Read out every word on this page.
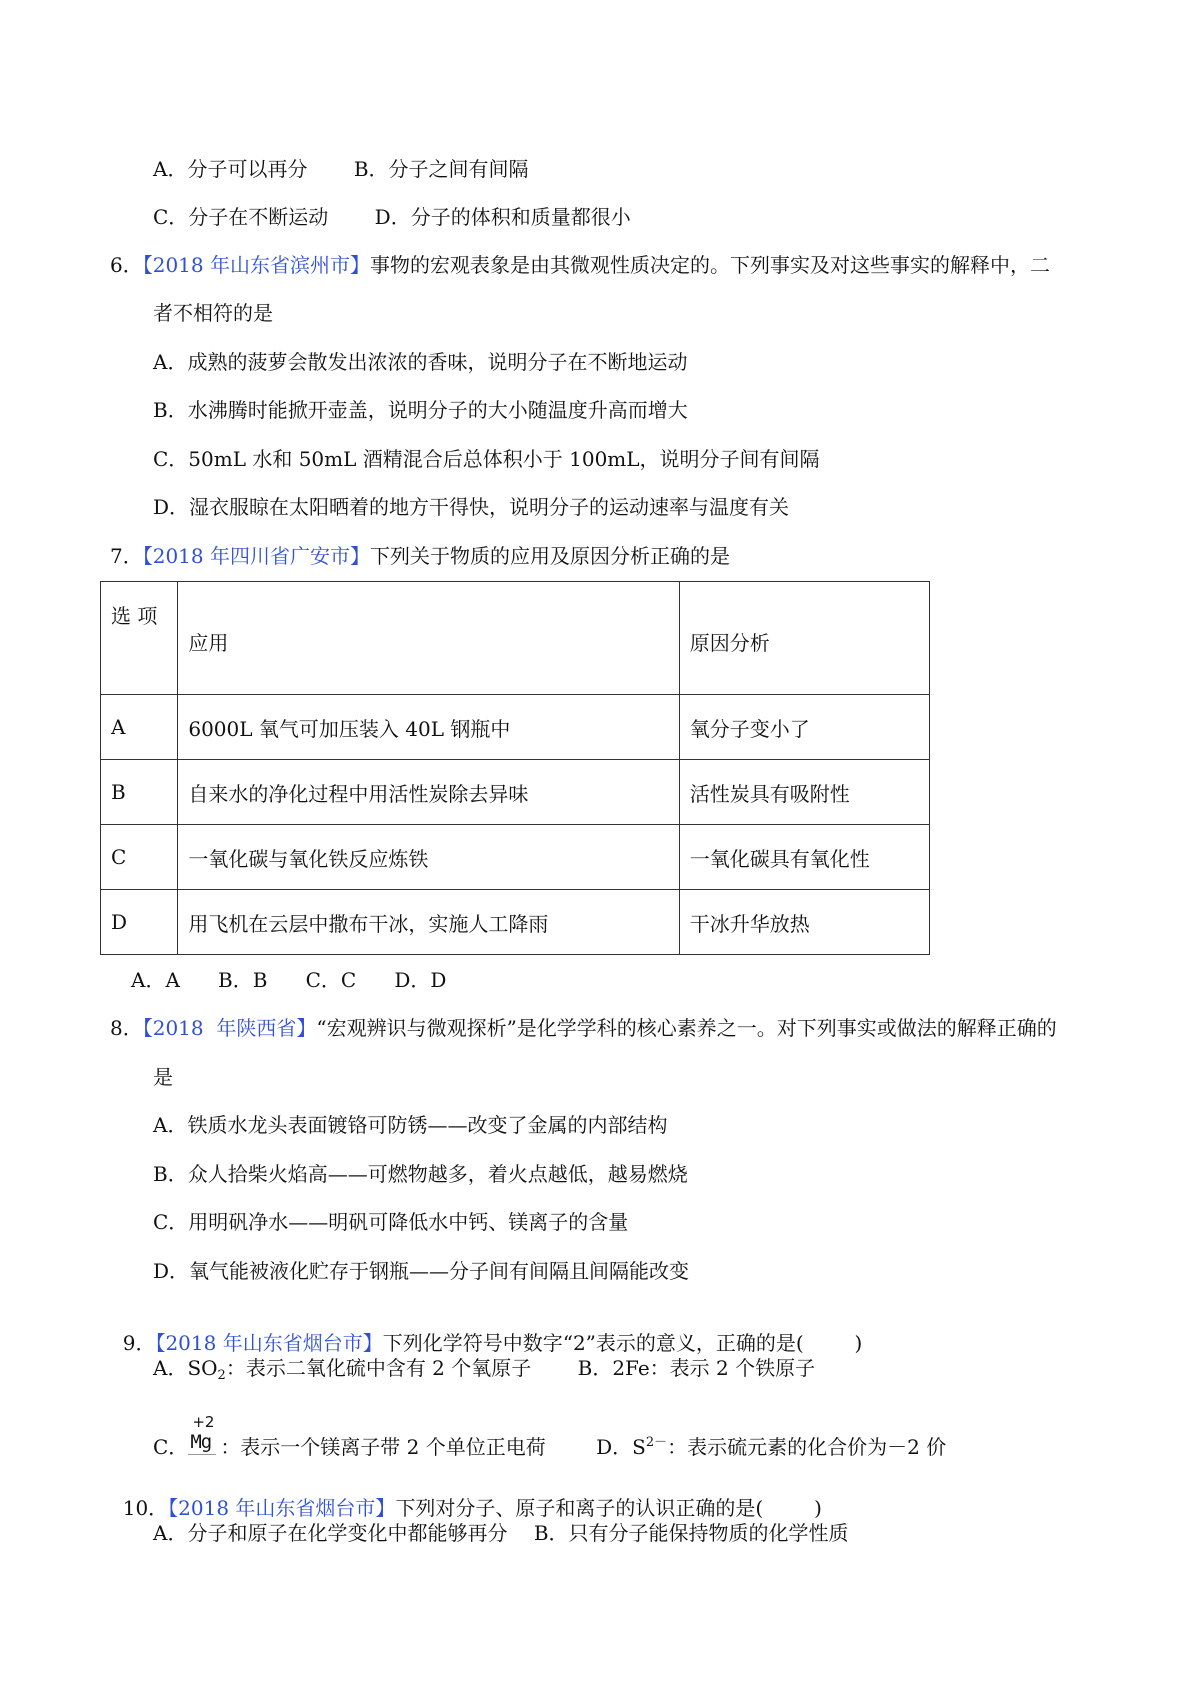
A．分子可以再分 B．分子之间有间隔
C．分子在不断运动 D．分子的体积和质量都很小
6．【2018 年山东省滨州市】事物的宏观表象是由其微观性质决定的。下列事实及对这些事实的解释中，二
者不相符的是
A．成熟的菠萝会散发出浓浓的香味，说明分子在不断地运动
B．水沸腾时能掀开壶盖，说明分子的大小随温度升高而增大
C．50mL 水和 50mL 酒精混合后总体积小于 100mL，说明分子间有间隔
D．湿衣服晾在太阳晒着的地方干得快，说明分子的运动速率与温度有关
7．【2018 年四川省广安市】下列关于物质的应用及原因分析正确的是
选 项	应用	原因分析
A	6000L 氧气可加压装入 40L 钢瓶中	氧分子变小了
B	自来水的净化过程中用活性炭除去异味	活性炭具有吸附性
C	一氧化碳与氧化铁反应炼铁	一氧化碳具有氧化性
D	用飞机在云层中撒布干冰，实施人工降雨	干冰升华放热
A．A      B．B      C．C      D．D
8．【2018  年陕西省】“宏观辨识与微观探析”是化学学科的核心素养之一。对下列事实或做法的解释正确的
是
A．铁质水龙头表面镀铬可防锈——改变了金属的内部结构
B．众人拾柴火焰高——可燃物越多，着火点越低，越易燃烧
C．用明矾净水——明矾可降低水中钙、镁离子的含量
D．氧气能被液化贮存于钢瓶——分子间有间隔且间隔能改变

9．【2018 年山东省烟台市】下列化学符号中数字“2”表示的意义，正确的是(        )

A．$SO_2$：表示二氧化硫中含有 2 个氧原子 B．2Fe：表示 2 个铁原子
C．
+2
Mg ：表示一个镁离子带 2 个单位正电荷	D．$S^{2-}$：表示硫元素的化合价为－2 价

10．【2018 年山东省烟台市】下列对分子、原子和离子的认识正确的是(        )

A．分子和原子在化学变化中都能够再分 B．只有分子能保持物质的化学性质
